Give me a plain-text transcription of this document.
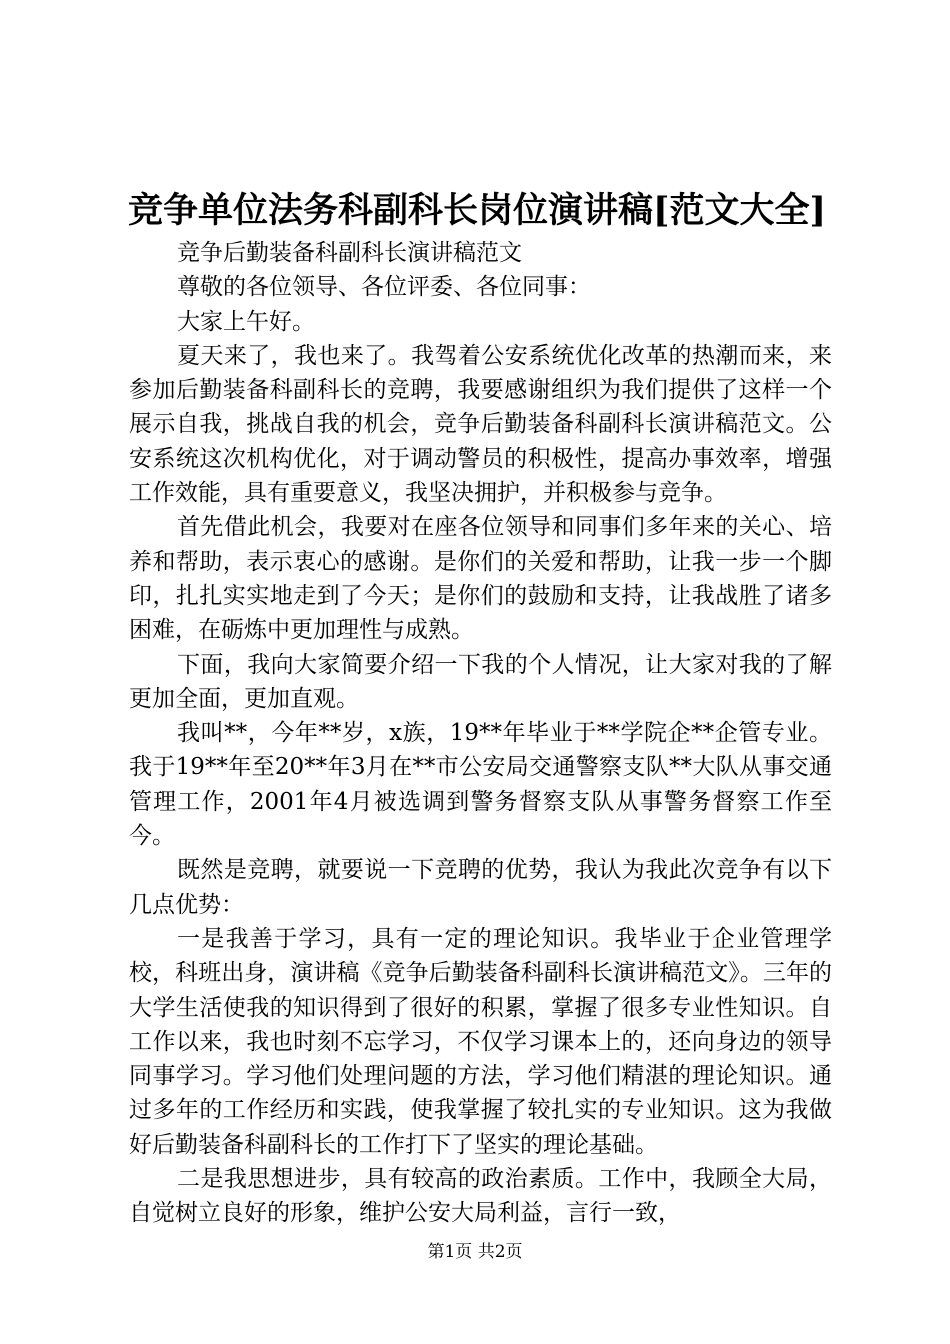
竞争单位法务科副科长岗位演讲稿[范文大全]

竞争后勤装备科副科长演讲稿范文

尊敬的各位领导、各位评委、各位同事：

大家上午好。

夏天来了，我也来了。我驾着公安系统优化改革的热潮而来，来参加后勤装备科副科长的竞聘，我要感谢组织为我们提供了这样一个展示自我，挑战自我的机会，竞争后勤装备科副科长演讲稿范文。公安系统这次机构优化，对于调动警员的积极性，提高办事效率，增强工作效能，具有重要意义，我坚决拥护，并积极参与竞争。

首先借此机会，我要对在座各位领导和同事们多年来的关心、培养和帮助，表示衷心的感谢。是你们的关爱和帮助，让我一步一个脚印，扎扎实实地走到了今天；是你们的鼓励和支持，让我战胜了诸多困难，在砺炼中更加理性与成熟。

下面，我向大家简要介绍一下我的个人情况，让大家对我的了解更加全面，更加直观。

我叫**，今年**岁，x族，19**年毕业于**学院企**企管专业。我于19**年至20**年3月在**市公安局交通警察支队**大队从事交通管理工作，2001年4月被选调到警务督察支队从事警务督察工作至今。

既然是竞聘，就要说一下竞聘的优势，我认为我此次竞争有以下几点优势：

一是我善于学习，具有一定的理论知识。我毕业于企业管理学校，科班出身，演讲稿《竞争后勤装备科副科长演讲稿范文》。三年的大学生活使我的知识得到了很好的积累，掌握了很多专业性知识。自工作以来，我也时刻不忘学习，不仅学习课本上的，还向身边的领导同事学习。学习他们处理问题的方法，学习他们精湛的理论知识。通过多年的工作经历和实践，使我掌握了较扎实的专业知识。这为我做好后勤装备科副科长的工作打下了坚实的理论基础。

二是我思想进步，具有较高的政治素质。工作中，我顾全大局，自觉树立良好的形象，维护公安大局利益，言行一致，

第1页 共2页
